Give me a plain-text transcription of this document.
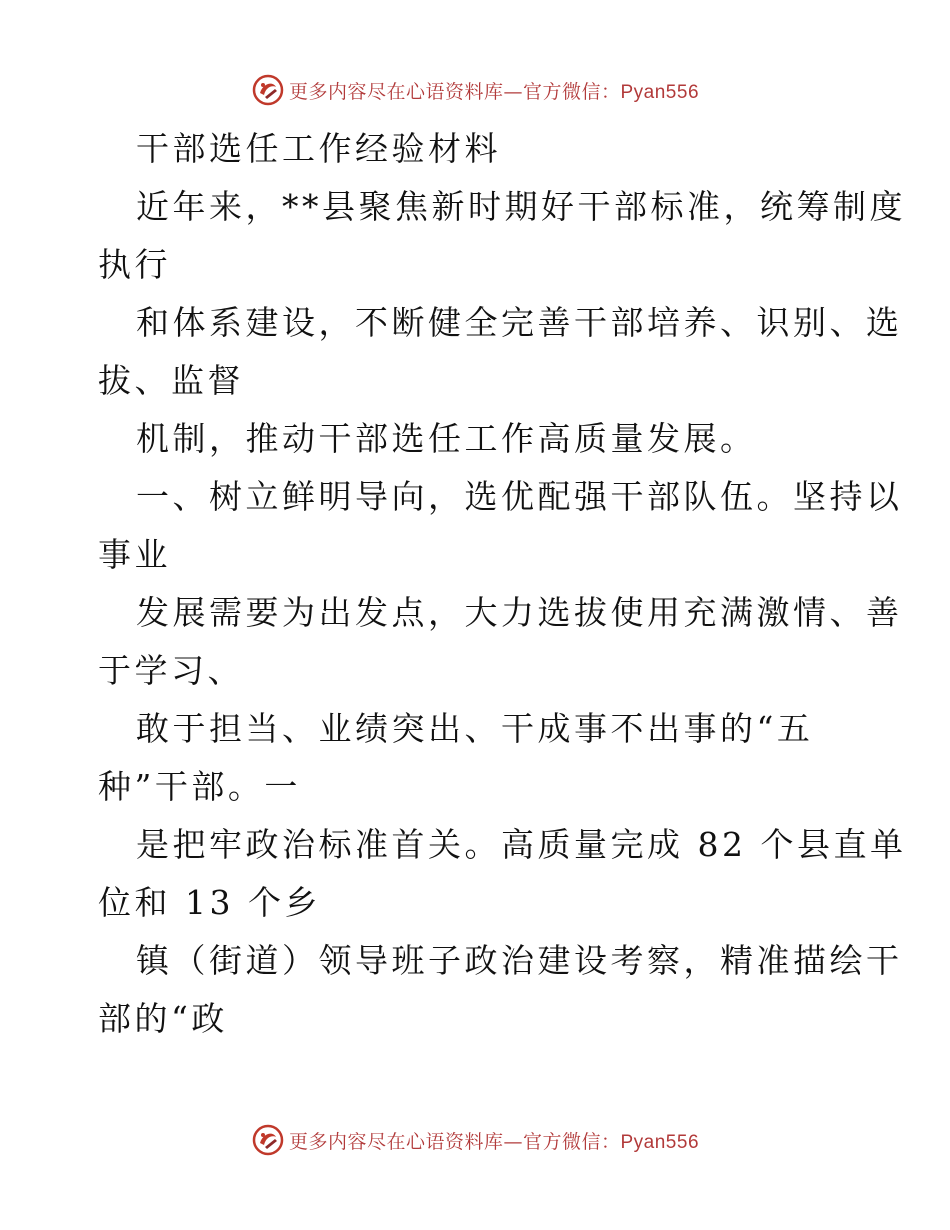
更多内容尽在心语资料库—官方微信：Pyan556
干部选任工作经验材料
近年来，**县聚焦新时期好干部标准，统筹制度
执行
和体系建设，不断健全完善干部培养、识别、选
拔、监督
机制，推动干部选任工作高质量发展。
一、树立鲜明导向，选优配强干部队伍。坚持以
事业
发展需要为出发点，大力选拔使用充满激情、善
于学习、
敢于担当、业绩突出、干成事不出事的“五
种”干部。一
是把牢政治标准首关。高质量完成 82 个县直单
位和 13 个乡
镇（街道）领导班子政治建设考察，精准描绘干
部的“政
更多内容尽在心语资料库—官方微信：Pyan556
